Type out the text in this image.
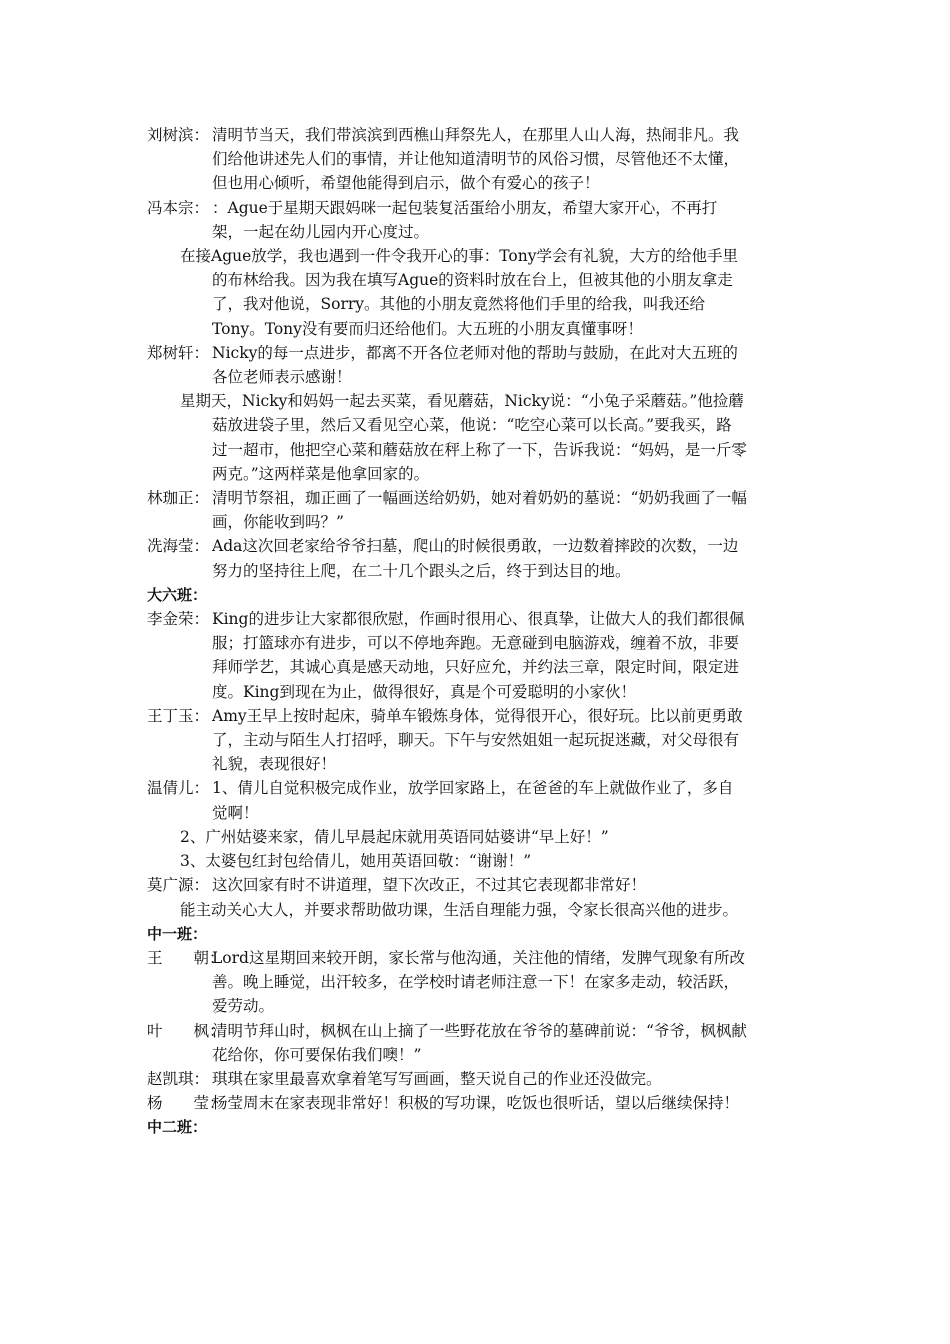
刘树滨： 清明节当天，我们带滨滨到西樵山拜祭先人，在那里人山人海，热闹非凡。我们给他讲述先人们的事情，并让他知道清明节的风俗习惯，尽管他还不太懂，但也用心倾听，希望他能得到启示，做个有爱心的孩子！
冯本宗： ：Ague于星期天跟妈咪一起包装复活蛋给小朋友，希望大家开心，不再打架，一起在幼儿园内开心度过。
在接Ague放学，我也遇到一件令我开心的事：Tony学会有礼貌，大方的给他手里的布林给我。因为我在填写Ague的资料时放在台上，但被其他的小朋友拿走了，我对他说，Sorry。其他的小朋友竟然将他们手里的给我，叫我还给Tony。Tony没有要而归还给他们。大五班的小朋友真懂事呀！
郑树轩： Nicky的每一点进步，都离不开各位老师对他的帮助与鼓励，在此对大五班的各位老师表示感谢！
星期天，Nicky和妈妈一起去买菜，看见蘑菇，Nicky说：“小兔子采蘑菇。”他捡蘑菇放进袋子里，然后又看见空心菜，他说：“吃空心菜可以长高。”要我买，路过一超市，他把空心菜和蘑菇放在秤上称了一下，告诉我说：“妈妈，是一斤零两克。”这两样菜是他拿回家的。
林珈正： 清明节祭祖，珈正画了一幅画送给奶奶，她对着奶奶的墓说：“奶奶我画了一幅画，你能收到吗？”
冼海莹： Ada这次回老家给爷爷扫墓，爬山的时候很勇敢，一边数着摔跤的次数，一边努力的坚持往上爬，在二十几个跟头之后，终于到达目的地。
大六班：
李金荣： King的进步让大家都很欣慰，作画时很用心、很真挚，让做大人的我们都很佩服；打篮球亦有进步，可以不停地奔跑。无意碰到电脑游戏，缠着不放，非要拜师学艺，其诚心真是感天动地，只好应允，并约法三章，限定时间，限定进度。King到现在为止，做得很好，真是个可爱聪明的小家伙！
王丁玉： Amy王早上按时起床，骑单车锻炼身体，觉得很开心，很好玩。比以前更勇敢了，主动与陌生人打招呼，聊天。下午与安然姐姐一起玩捉迷藏，对父母很有礼貌，表现很好！
温倩儿： 1、倩儿自觉积极完成作业，放学回家路上，在爸爸的车上就做作业了，多自觉啊！
2、广州姑婆来家，倩儿早晨起床就用英语同姑婆讲“早上好！”
3、太婆包红封包给倩儿，她用英语回敬：“谢谢！”
莫广源： 这次回家有时不讲道理，望下次改正，不过其它表现都非常好！
能主动关心大人，并要求帮助做功课，生活自理能力强，令家长很高兴他的进步。
中一班：
王　　朝：
Lord这星期回来较开朗，家长常与他沟通，关注他的情绪，发脾气现象有所改善。晚上睡觉，出汗较多，在学校时请老师注意一下！在家多走动，较活跃，爱劳动。
叶　　枫：
清明节拜山时，枫枫在山上摘了一些野花放在爷爷的墓碑前说：“爷爷，枫枫献花给你，你可要保佑我们噢！”
赵凯琪： 琪琪在家里最喜欢拿着笔写写画画，整天说自己的作业还没做完。
杨　　莹：
杨莹周末在家表现非常好！积极的写功课，吃饭也很听话，望以后继续保持！
中二班：
